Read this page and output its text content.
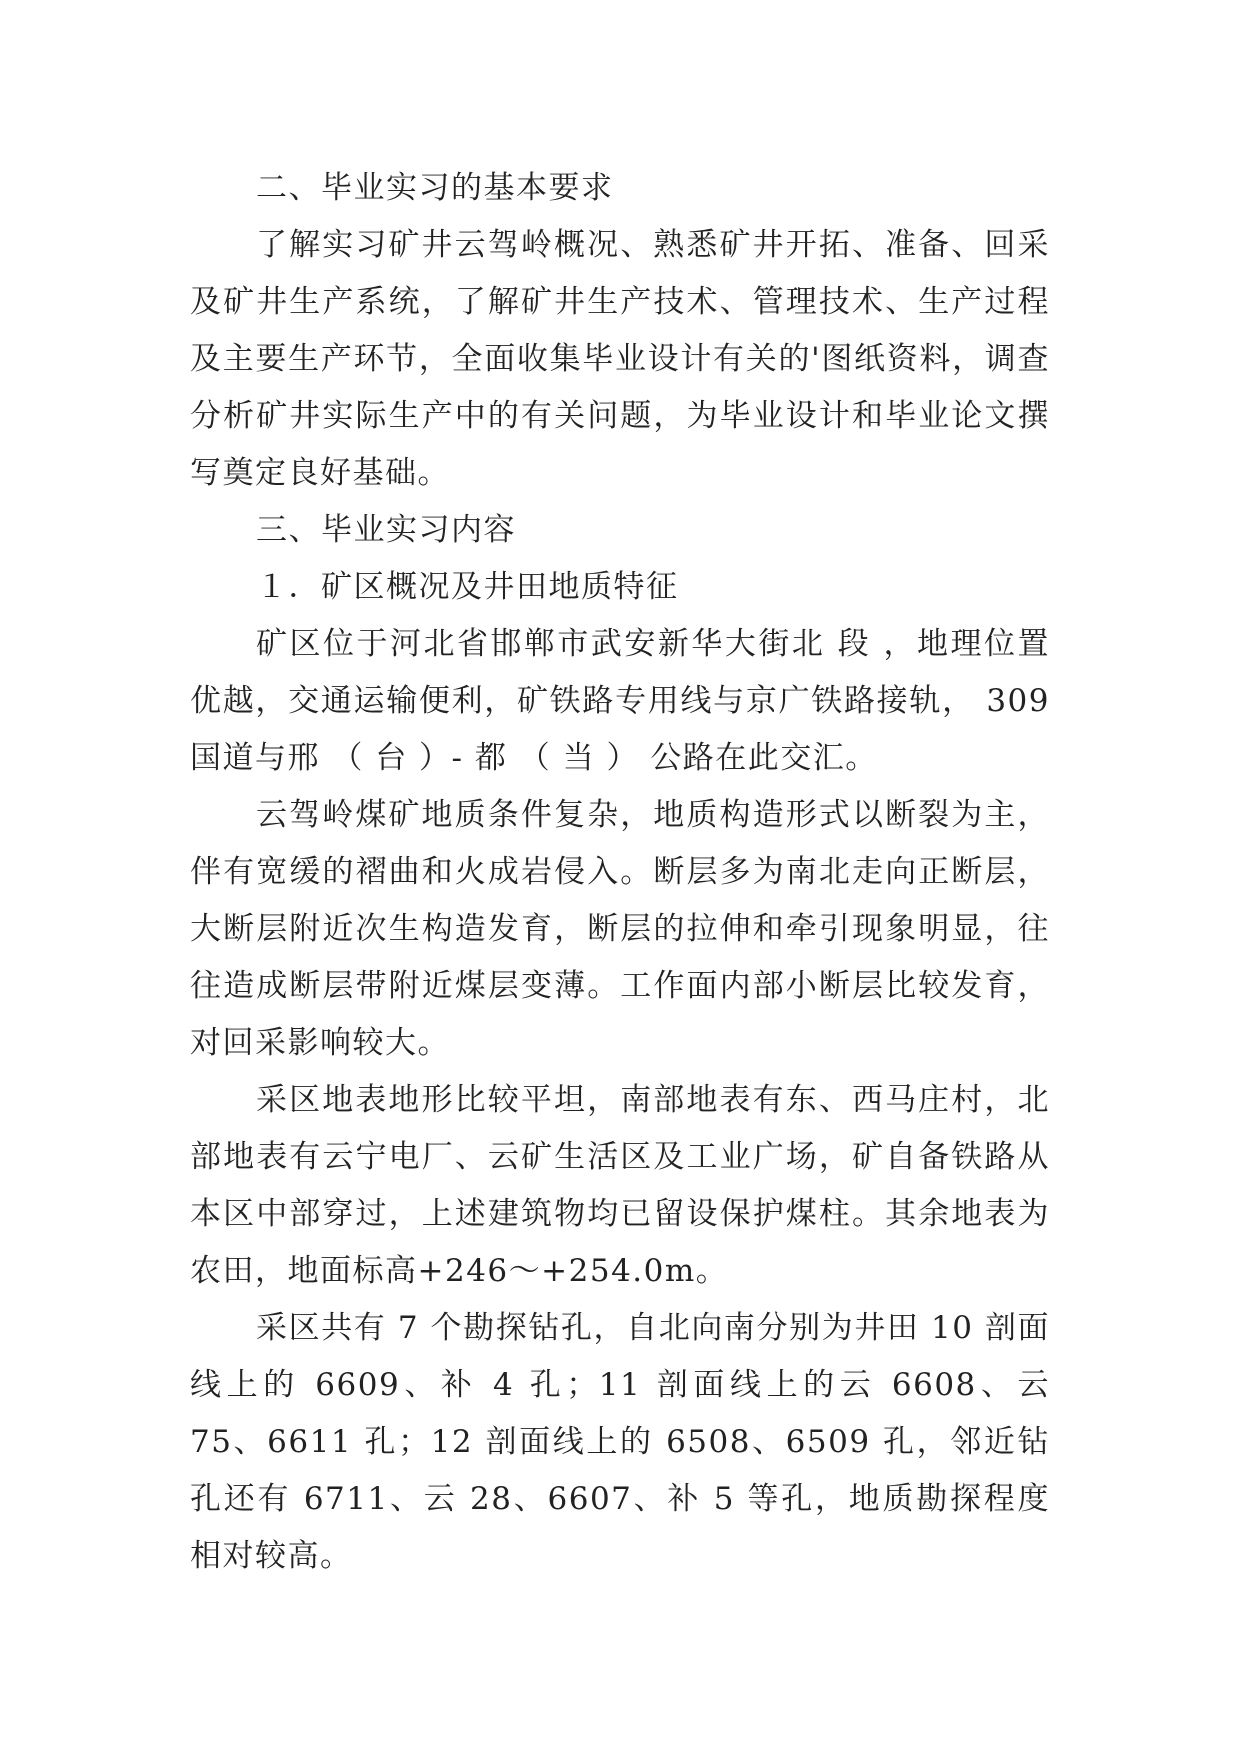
二、毕业实习的基本要求

了解实习矿井云驾岭概况、熟悉矿井开拓、准备、回采及矿井生产系统，了解矿井生产技术、管理技术、生产过程及主要生产环节，全面收集毕业设计有关的'图纸资料，调查分析矿井实际生产中的有关问题，为毕业设计和毕业论文撰写奠定良好基础。

三、毕业实习内容

１．矿区概况及井田地质特征

矿区位于河北省邯郸市武安新华大街北 段 ，地理位置优越，交通运输便利，矿铁路专用线与京广铁路接轨， 309 国道与邢 （ 台 ）- 都 （ 当 ） 公路在此交汇。

云驾岭煤矿地质条件复杂，地质构造形式以断裂为主，伴有宽缓的褶曲和火成岩侵入。断层多为南北走向正断层，大断层附近次生构造发育，断层的拉伸和牵引现象明显，往往造成断层带附近煤层变薄。工作面内部小断层比较发育，对回采影响较大。

采区地表地形比较平坦，南部地表有东、西马庄村，北部地表有云宁电厂、云矿生活区及工业广场，矿自备铁路从本区中部穿过，上述建筑物均已留设保护煤柱。其余地表为农田，地面标高+246～+254.0m。

采区共有 7 个勘探钻孔，自北向南分别为井田 10 剖面线上的 6609、补 4 孔；11 剖面线上的云 6608、云 75、6611 孔；12 剖面线上的 6508、6509 孔，邻近钻孔还有 6711、云 28、6607、补 5 等孔，地质勘探程度相对较高。
